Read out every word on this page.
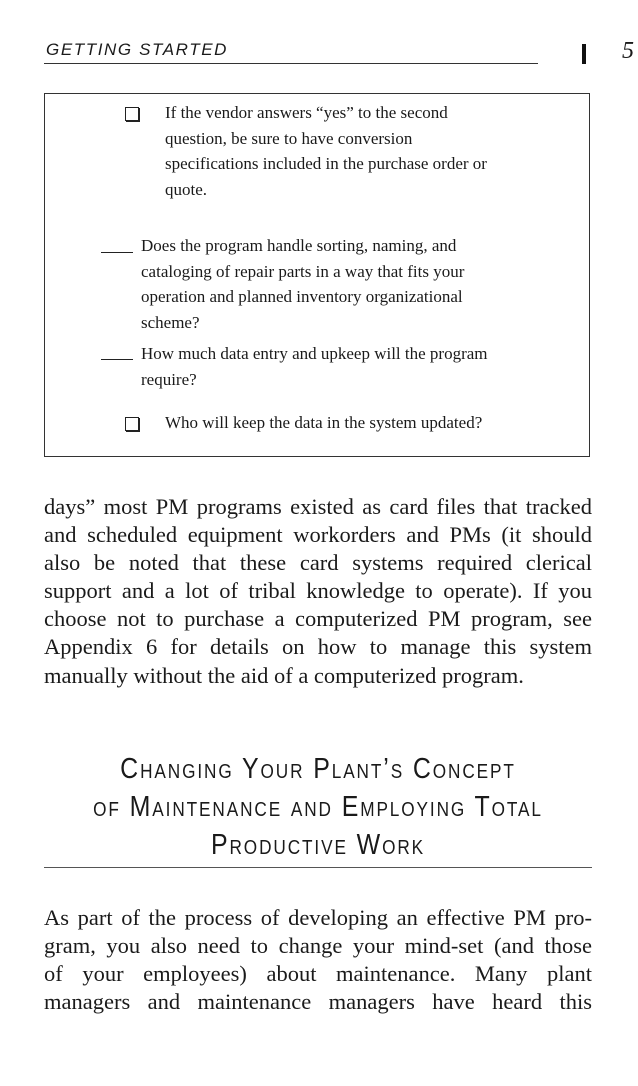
GETTING STARTED	5
If the vendor answers “yes” to the second
question, be sure to have conversion
specifications included in the purchase order or
quote.
Does the program handle sorting, naming, and
cataloging of repair parts in a way that fits your
operation and planned inventory organizational
scheme?
How much data entry and upkeep will the program
require?
Who will keep the data in the system updated?
days” most PM programs existed as card files that tracked
and scheduled equipment workorders and PMs (it should
also be noted that these card systems required clerical
support and a lot of tribal knowledge to operate). If you
choose not to purchase a computerized PM program, see
Appendix 6 for details on how to manage this system
manually without the aid of a computerized program.
Changing Your Plant’s Concept
of Maintenance and Employing Total
Productive Work
As part of the process of developing an effective PM pro-
gram, you also need to change your mind-set (and those
of your employees) about maintenance. Many plant
managers and maintenance managers have heard this
